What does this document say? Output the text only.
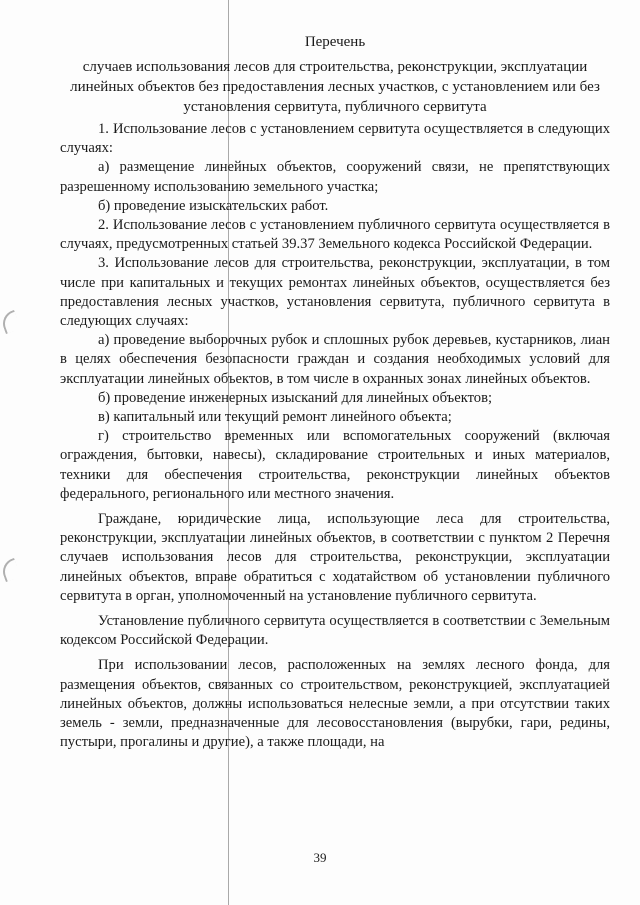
Перечень
случаев использования лесов для строительства, реконструкции, эксплуатации линейных объектов без предоставления лесных участков, с установлением или без установления сервитута, публичного сервитута

1. Использование лесов с установлением сервитута осуществляется в следующих случаях:

а) размещение линейных объектов, сооружений связи, не препятствующих разрешенному использованию земельного участка;

б) проведение изыскательских работ.

2. Использование лесов с установлением публичного сервитута осуществляется в случаях, предусмотренных статьей 39.37 Земельного кодекса Российской Федерации.

3. Использование лесов для строительства, реконструкции, эксплуатации, в том числе при капитальных и текущих ремонтах линейных объектов, осуществляется без предоставления лесных участков, установления сервитута, публичного сервитута в следующих случаях:

а) проведение выборочных рубок и сплошных рубок деревьев, кустарников, лиан в целях обеспечения безопасности граждан и создания необходимых условий для эксплуатации линейных объектов, в том числе в охранных зонах линейных объектов.

б) проведение инженерных изысканий для линейных объектов;

в) капитальный или текущий ремонт линейного объекта;

г) строительство временных или вспомогательных сооружений (включая ограждения, бытовки, навесы), складирование строительных и иных материалов, техники для обеспечения строительства, реконструкции линейных объектов федерального, регионального или местного значения.

Граждане, юридические лица, использующие леса для строительства, реконструкции, эксплуатации линейных объектов, в соответствии с пунктом 2 Перечня случаев использования лесов для строительства, реконструкции, эксплуатации линейных объектов, вправе обратиться с ходатайством об установлении публичного сервитута в орган, уполномоченный на установление публичного сервитута.

Установление публичного сервитута осуществляется в соответствии с Земельным кодексом Российской Федерации.

При использовании лесов, расположенных на землях лесного фонда, для размещения объектов, связанных со строительством, реконструкцией, эксплуатацией линейных объектов, должны использоваться нелесные земли, а при отсутствии таких земель - земли, предназначенные для лесовосстановления (вырубки, гари, редины, пустыри, прогалины и другие), а также площади, на

39
